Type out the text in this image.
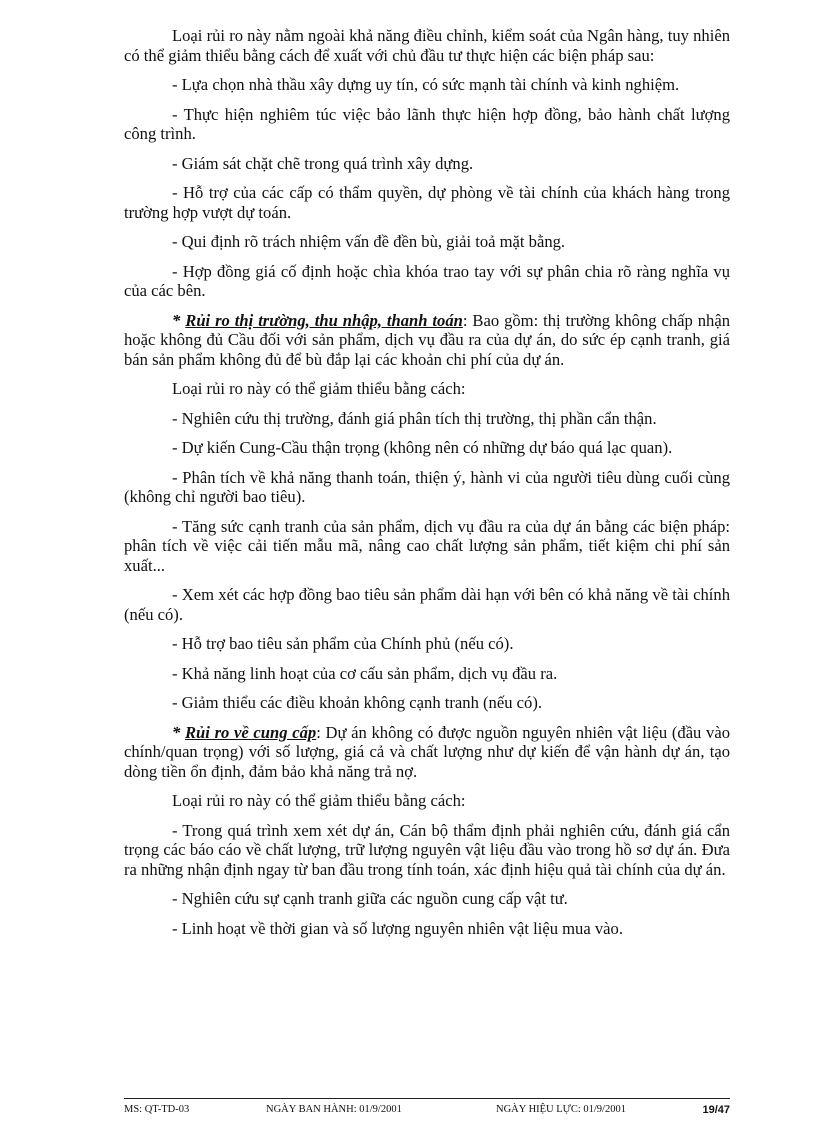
Loại rủi ro này nằm ngoài khả năng điều chỉnh, kiểm soát của Ngân hàng, tuy nhiên có thể giảm thiểu bằng cách để xuất với chủ đầu tư thực hiện các biện pháp sau:

- Lựa chọn nhà thầu xây dựng uy tín, có sức mạnh tài chính và kinh nghiệm.

- Thực hiện nghiêm túc việc bảo lãnh thực hiện hợp đồng, bảo hành chất lượng công trình.

- Giám sát chặt chẽ trong quá trình xây dựng.

- Hỗ trợ của các cấp có thẩm quyền, dự phòng về tài chính của khách hàng trong trường hợp vượt dự toán.

- Qui định rõ trách nhiệm vấn đề đền bù, giải toả mặt bằng.

- Hợp đồng giá cố định hoặc chìa khóa trao tay với sự phân chia rõ ràng nghĩa vụ của các bên.

* Rủi ro thị trường, thu nhập, thanh toán: Bao gồm: thị trường không chấp nhận hoặc không đủ Cầu đối với sản phẩm, dịch vụ đầu ra của dự án, do sức ép cạnh tranh, giá bán sản phẩm không đủ để bù đắp lại các khoản chi phí của dự án.

Loại rủi ro này có thể giảm thiểu bằng cách:

- Nghiên cứu thị trường, đánh giá phân tích thị trường, thị phần cẩn thận.

- Dự kiến Cung-Cầu thận trọng (không nên có những dự báo quá lạc quan).

- Phân tích về khả năng thanh toán, thiện ý, hành vi của người tiêu dùng cuối cùng (không chỉ người bao tiêu).

- Tăng sức cạnh tranh của sản phẩm, dịch vụ đầu ra của dự án bằng các biện pháp: phân tích về việc cải tiến mẫu mã, nâng cao chất lượng sản phẩm, tiết kiệm chi phí sản xuất...

- Xem xét các hợp đồng bao tiêu sản phẩm dài hạn với bên có khả năng về tài chính (nếu có).

- Hỗ trợ bao tiêu sản phẩm của Chính phủ (nếu có).

- Khả năng linh hoạt của cơ cấu sản phẩm, dịch vụ đầu ra.

- Giảm thiểu các điều khoản không cạnh tranh (nếu có).

* Rủi ro về cung cấp: Dự án không có được nguồn nguyên nhiên vật liệu (đầu vào chính/quan trọng) với số lượng, giá cả và chất lượng như dự kiến để vận hành dự án, tạo dòng tiền ổn định, đảm bảo khả năng trả nợ.

Loại rủi ro này có thể giảm thiểu bằng cách:

- Trong quá trình xem xét dự án, Cán bộ thẩm định phải nghiên cứu, đánh giá cẩn trọng các báo cáo về chất lượng, trữ lượng nguyên vật liệu đầu vào trong hồ sơ dự án. Đưa ra những nhận định ngay từ ban đầu trong tính toán, xác định hiệu quả tài chính của dự án.

- Nghiên cứu sự cạnh tranh giữa các nguồn cung cấp vật tư.

- Linh hoạt về thời gian và số lượng nguyên nhiên vật liệu mua vào.

MS: QT-TD-03	NGÀY BAN HÀNH: 01/9/2001	NGÀY HIỆU LỰC: 01/9/2001	19/47
